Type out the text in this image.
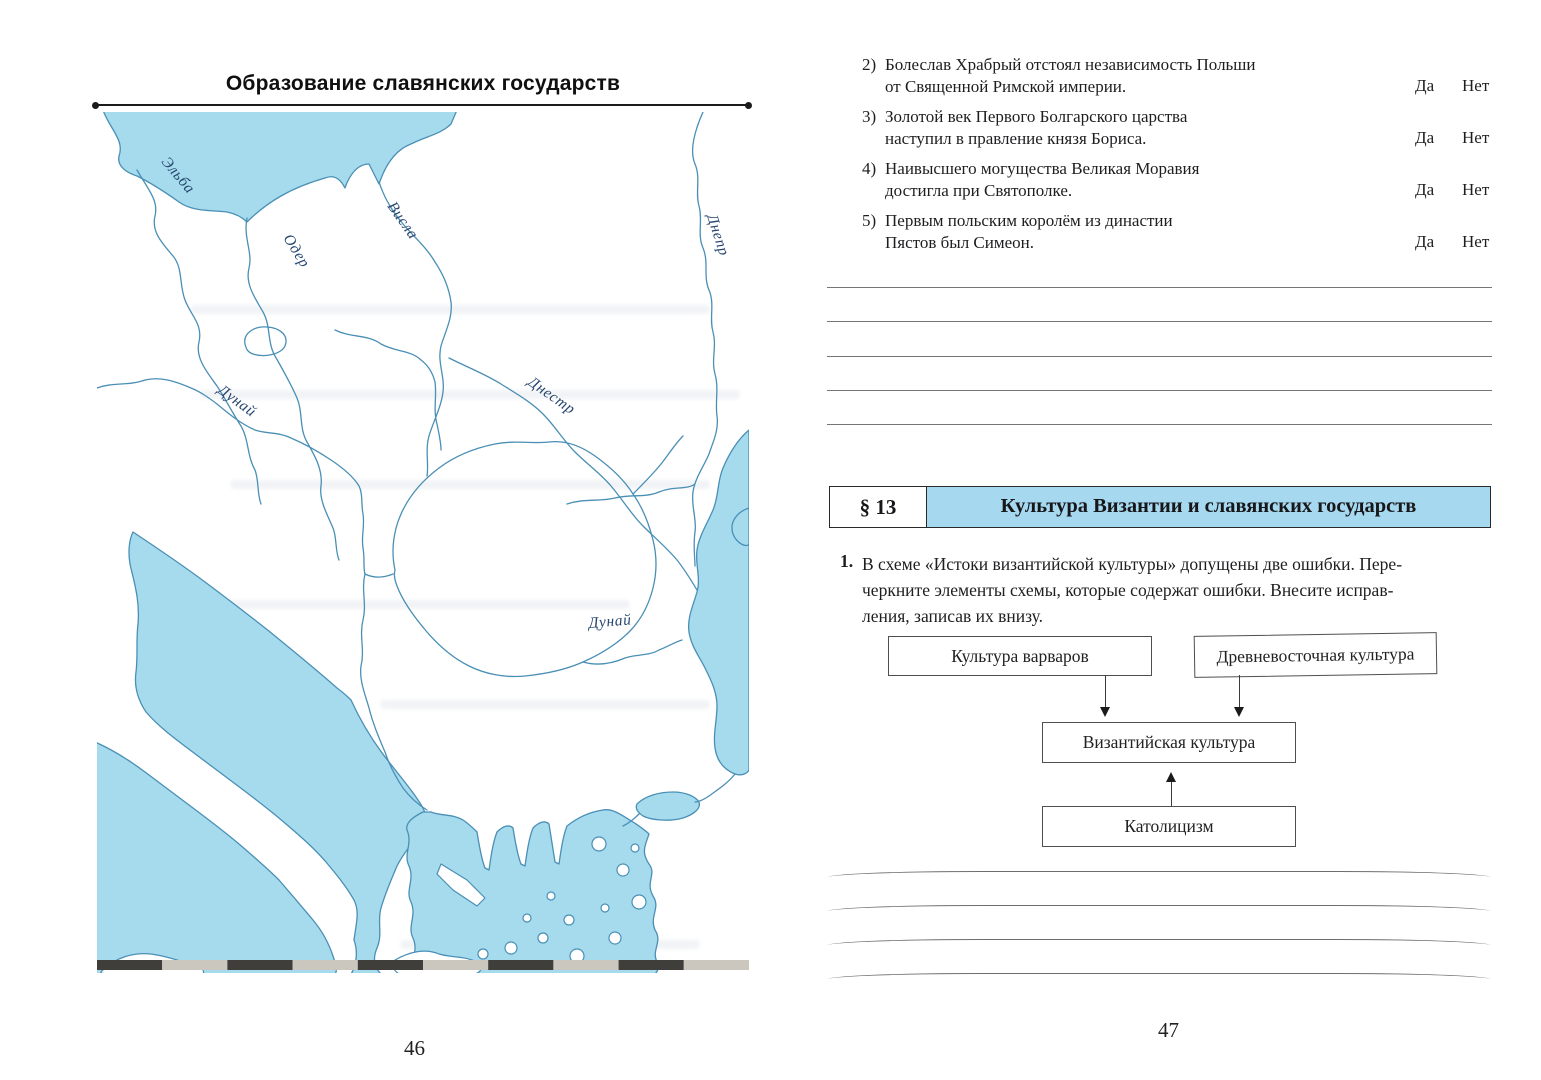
Образование славянских государств
Эльба
Одер
Висла	Днепр
Дунай	Днестр
Дунай
46
2) Болеслав Храбрый отстоял независимость Польши
от Священной Римской империи.	Да Нет
3) Золотой век Первого Болгарского царства
наступил в правление князя Бориса.	Да Нет
4) Наивысшего могущества Великая Моравия
достигла при Святополке.	Да Нет
5) Первым польским королём из династии
Пястов был Симеон.	Да Нет
§ 13	Культура Византии и славянских государств
1. В схеме «Истоки византийской культуры» допущены две ошибки. Пере-
черкните элементы схемы, которые содержат ошибки. Внесите исправ-
ления, записав их внизу.
Культура варваров	Древневосточная культура
Византийская культура
Католицизм
47
